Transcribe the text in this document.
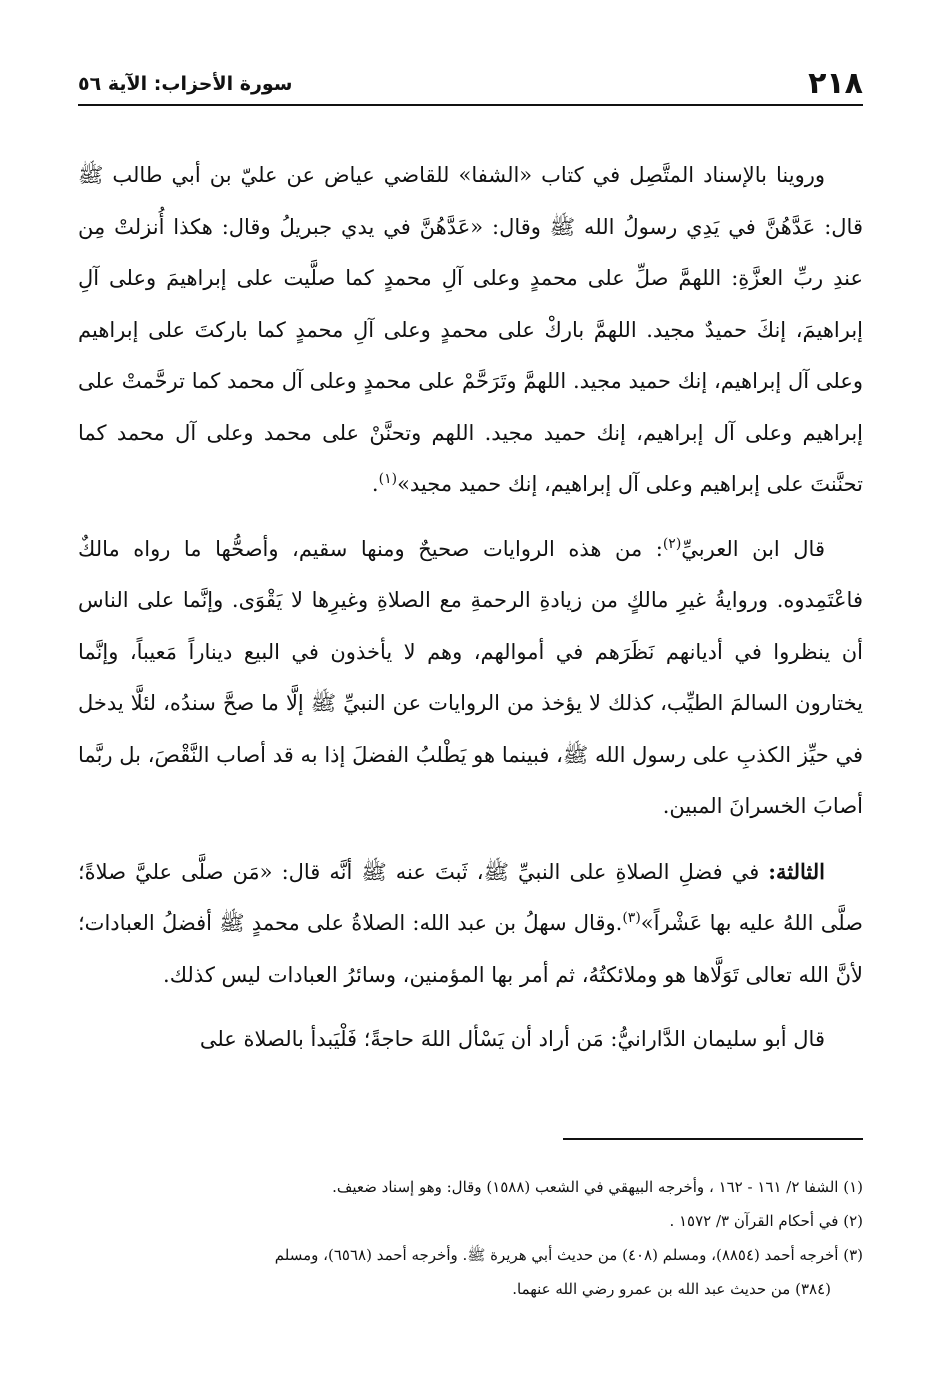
٢١٨
سورة الأحزاب: الآية ٥٦

وروينا بالإسناد المتَّصِل في كتاب «الشفا» للقاضي عياض عن عليّ بن أبي طالب ﷺ قال: عَدَّهُنَّ في يَدِي رسولُ الله ﷺ وقال: «عَدَّهُنَّ في يدي جبريلُ وقال: هكذا أُنزلتْ مِن عندِ ربِّ العزَّةِ: اللهمَّ صلِّ على محمدٍ وعلى آلِ محمدٍ كما صلَّيت على إبراهيمَ وعلى آلِ إبراهيمَ، إنكَ حميدٌ مجيد. اللهمَّ باركْ على محمدٍ وعلى آلِ محمدٍ كما باركتَ على إبراهيم وعلى آل إبراهيم، إنك حميد مجيد. اللهمَّ وتَرَحَّمْ على محمدٍ وعلى آل محمد كما ترحَّمتْ على إبراهيم وعلى آل إبراهيم، إنك حميد مجيد. اللهم وتحنَّنْ على محمد وعلى آل محمد كما تحنَّنتَ على إبراهيم وعلى آل إبراهيم، إنك حميد مجيد»$^{(١)}$.

قال ابن العربيِّ$^{(٢)}$: من هذه الروايات صحيحٌ ومنها سقيم، وأصحُّها ما رواه مالكٌ فاعْتَمِدوه. وروايةُ غيرِ مالكٍ من زيادةِ الرحمةِ مع الصلاةِ وغيرِها لا يَقْوَى. وإنَّما على الناس أن ينظروا في أديانهم نَظَرَهم في أموالهم، وهم لا يأخذون في البيع ديناراً مَعيباً، وإنَّما يختارون السالمَ الطيِّب، كذلك لا يؤخذ من الروايات عن النبيِّ ﷺ إلَّا ما صحَّ سندُه، لئلَّا يدخل في حيِّز الكذبِ على رسول الله ﷺ، فبينما هو يَطْلبُ الفضلَ إذا به قد أصاب النَّقْصَ، بل ربَّما أصابَ الخسرانَ المبين.

الثالثة: في فضلِ الصلاةِ على النبيِّ ﷺ، ثَبتَ عنه ﷺ أنَّه قال: «مَن صلَّى عليَّ صلاةً؛ صلَّى اللهُ عليه بها عَشْراً»$^{(٣)}$.وقال سهلُ بن عبد الله: الصلاةُ على محمدٍ ﷺ أفضلُ العبادات؛ لأنَّ الله تعالى تَوَلَّاها هو وملائكتُهُ، ثم أمر بها المؤمنين، وسائرُ العبادات ليس كذلك.

قال أبو سليمان الدَّارانيُّ: مَن أراد أن يَسْأل اللهَ حاجةً؛ فَلْيَبدأ بالصلاة على

(١) الشفا ٢/ ١٦١ - ١٦٢ ، وأخرجه البيهقي في الشعب (١٥٨٨) وقال: وهو إسناد ضعيف.

(٢) في أحكام القرآن ٣/ ١٥٧٢ .

(٣) أخرجه أحمد (٨٨٥٤)، ومسلم (٤٠٨) من حديث أبي هريرة ﷺ. وأخرجه أحمد (٦٥٦٨)، ومسلم

(٣٨٤) من حديث عبد الله بن عمرو رضي الله عنهما.
